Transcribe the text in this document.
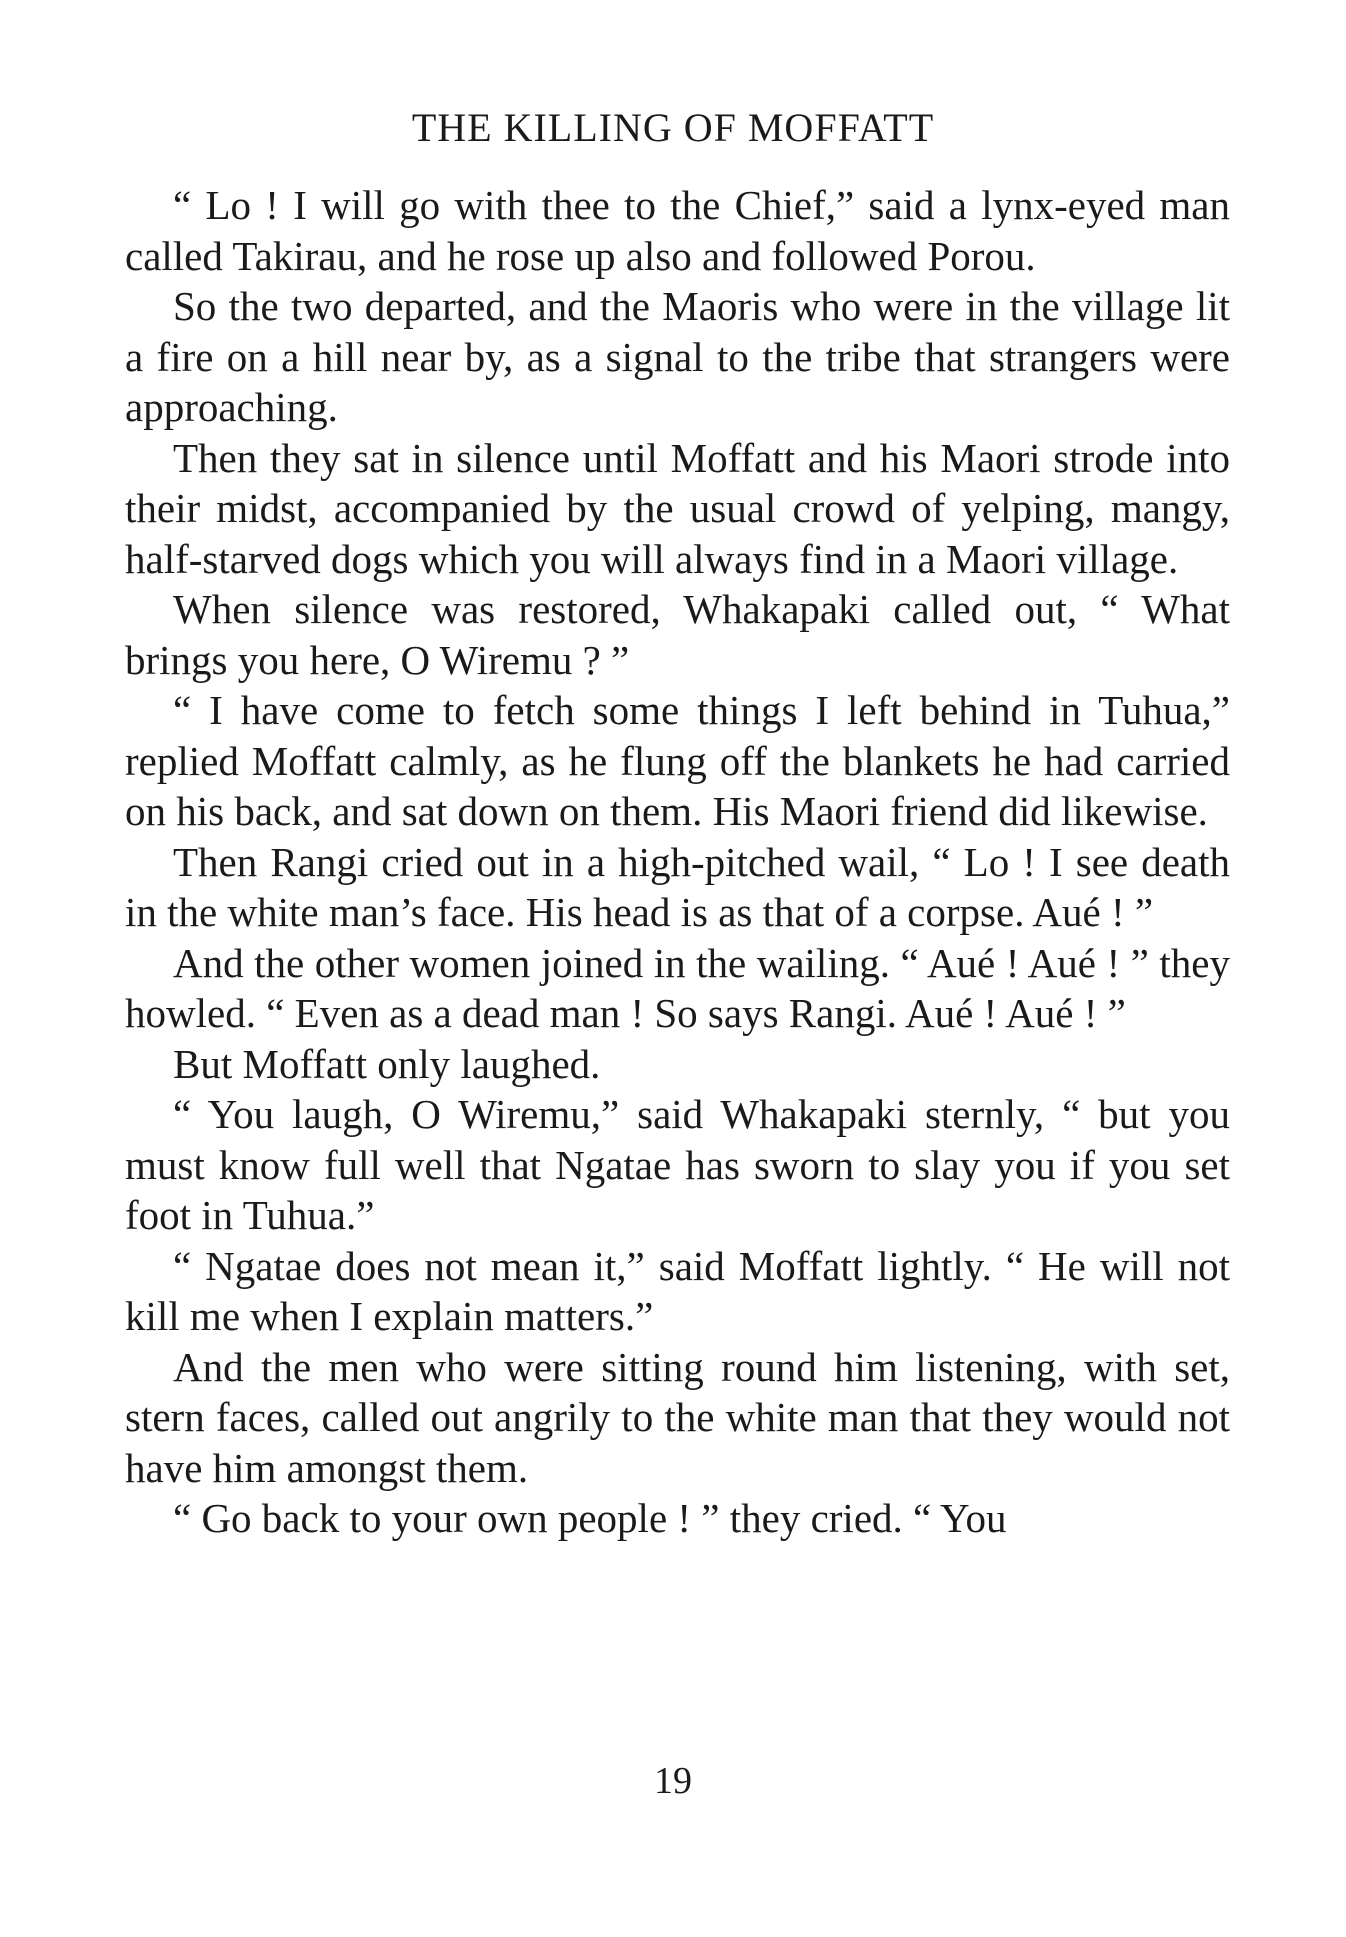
THE KILLING OF MOFFATT

“ Lo ! I will go with thee to the Chief,” said a lynx-eyed man called Takirau, and he rose up also and followed Porou.

So the two departed, and the Maoris who were in the village lit a fire on a hill near by, as a signal to the tribe that strangers were approaching.

Then they sat in silence until Moffatt and his Maori strode into their midst, accompanied by the usual crowd of yelping, mangy, half-starved dogs which you will always find in a Maori village.

When silence was restored, Whakapaki called out, “ What brings you here, O Wiremu ? ”

“ I have come to fetch some things I left behind in Tuhua,” replied Moffatt calmly, as he flung off the blankets he had carried on his back, and sat down on them. His Maori friend did likewise.

Then Rangi cried out in a high-pitched wail, “ Lo ! I see death in the white man’s face. His head is as that of a corpse. Aué ! ”

And the other women joined in the wailing. “ Aué ! Aué ! ” they howled. “ Even as a dead man ! So says Rangi. Aué ! Aué ! ”

But Moffatt only laughed.

“ You laugh, O Wiremu,” said Whakapaki sternly, “ but you must know full well that Ngatae has sworn to slay you if you set foot in Tuhua.”

“ Ngatae does not mean it,” said Moffatt lightly. “ He will not kill me when I explain matters.”

And the men who were sitting round him listening, with set, stern faces, called out angrily to the white man that they would not have him amongst them.

“ Go back to your own people ! ” they cried. “ You

19
